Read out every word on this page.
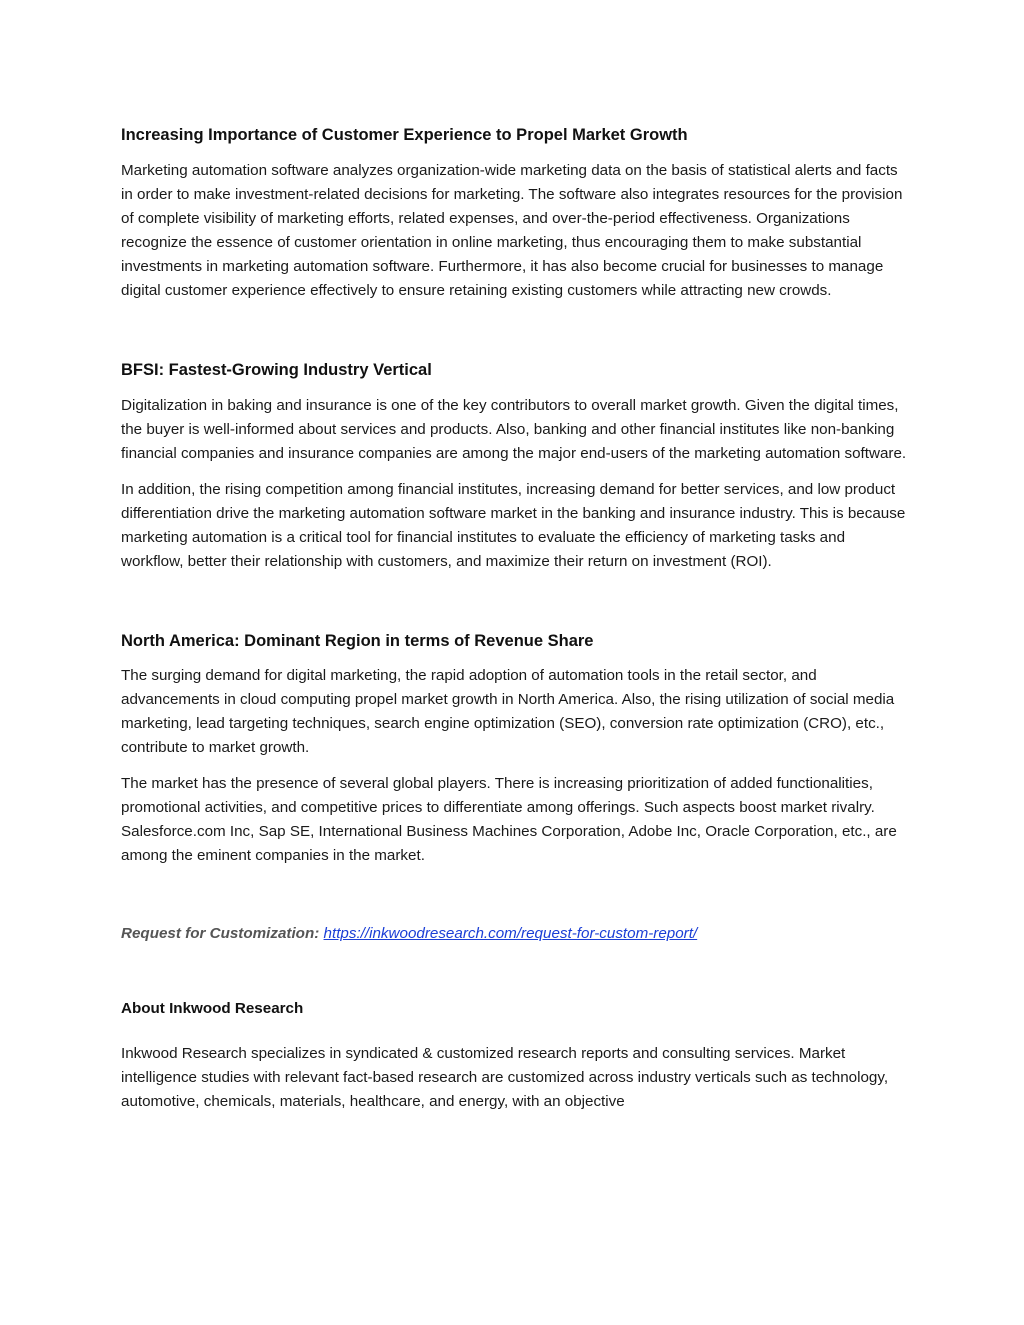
Increasing Importance of Customer Experience to Propel Market Growth

Marketing automation software analyzes organization-wide marketing data on the basis of statistical alerts and facts in order to make investment-related decisions for marketing. The software also integrates resources for the provision of complete visibility of marketing efforts, related expenses, and over-the-period effectiveness. Organizations recognize the essence of customer orientation in online marketing, thus encouraging them to make substantial investments in marketing automation software. Furthermore, it has also become crucial for businesses to manage digital customer experience effectively to ensure retaining existing customers while attracting new crowds.

BFSI: Fastest-Growing Industry Vertical

Digitalization in baking and insurance is one of the key contributors to overall market growth. Given the digital times, the buyer is well-informed about services and products. Also, banking and other financial institutes like non-banking financial companies and insurance companies are among the major end-users of the marketing automation software.

In addition, the rising competition among financial institutes, increasing demand for better services, and low product differentiation drive the marketing automation software market in the banking and insurance industry. This is because marketing automation is a critical tool for financial institutes to evaluate the efficiency of marketing tasks and workflow, better their relationship with customers, and maximize their return on investment (ROI).

North America: Dominant Region in terms of Revenue Share

The surging demand for digital marketing, the rapid adoption of automation tools in the retail sector, and advancements in cloud computing propel market growth in North America. Also, the rising utilization of social media marketing, lead targeting techniques, search engine optimization (SEO), conversion rate optimization (CRO), etc., contribute to market growth.

The market has the presence of several global players. There is increasing prioritization of added functionalities, promotional activities, and competitive prices to differentiate among offerings. Such aspects boost market rivalry. Salesforce.com Inc, Sap SE, International Business Machines Corporation, Adobe Inc, Oracle Corporation, etc., are among the eminent companies in the market.

Request for Customization: https://inkwoodresearch.com/request-for-custom-report/

About Inkwood Research

Inkwood Research specializes in syndicated & customized research reports and consulting services. Market intelligence studies with relevant fact-based research are customized across industry verticals such as technology, automotive, chemicals, materials, healthcare, and energy, with an objective
